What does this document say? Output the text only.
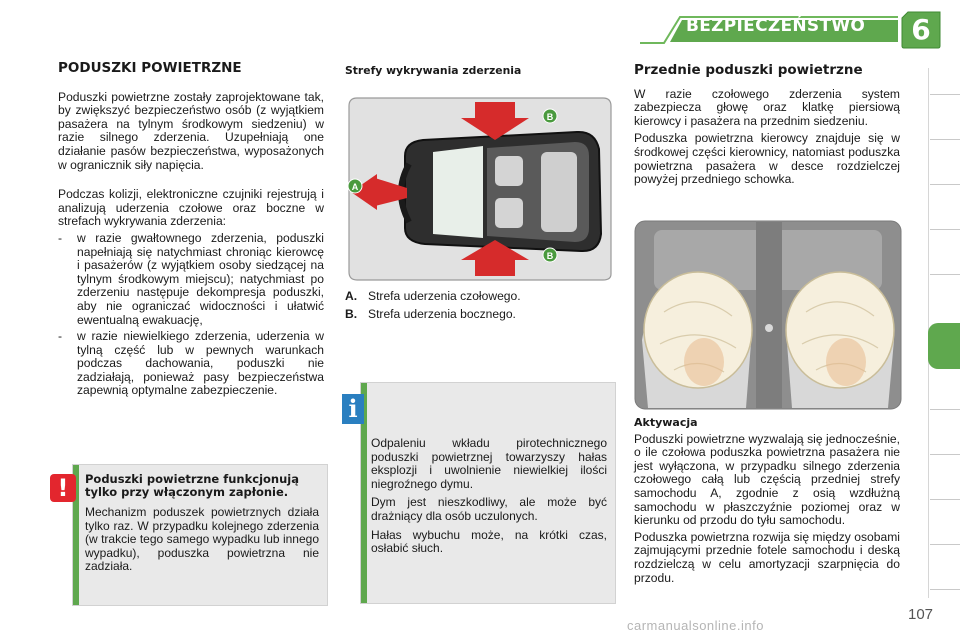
BEZPIECZEŃSTWO	6
PODUSZKI POWIETRZNE

Poduszki powietrzne zostały zaprojektowane tak, by zwiększyć bezpieczeństwo osób (z wyjątkiem pasażera na tylnym środkowym siedzeniu) w razie silnego zderzenia. Uzupełniają one działanie pasów bezpieczeństwa, wyposażonych w ogranicznik siły napięcia.

Podczas kolizji, elektroniczne czujniki rejestrują i analizują uderzenia czołowe oraz boczne w strefach wykrywania zderzenia:

-	w razie gwałtownego zderzenia, poduszki napełniają się natychmiast chroniąc kierowcę i pasażerów (z wyjątkiem osoby siedzącej na tylnym środkowym miejscu); natychmiast po zderzeniu następuje dekompresja poduszki, aby nie ograniczać widoczności i ułatwić ewentualną ewakuację,
-	w razie niewielkiego zderzenia, uderzenia w tylną część lub w pewnych warunkach podczas dachowania, poduszki nie zadziałają, ponieważ pasy bezpieczeństwa zapewnią optymalne zabezpieczenie.
Poduszki powietrzne funkcjonują tylko przy włączonym zapłonie.

Mechanizm poduszek powietrznych działa tylko raz. W przypadku kolejnego zderzenia (w trakcie tego samego wypadku lub innego wypadku), poduszka powietrzna nie zadziała.

!
Strefy wykrywania zderzenia
A
B
B
A. Strefa uderzenia czołowego.
B. Strefa uderzenia bocznego.

Odpaleniu wkładu pirotechnicznego poduszki powietrznej towarzyszy hałas eksplozji i uwolnienie niewielkiej ilości niegroźnego dymu.

Dym jest nieszkodliwy, ale może być drażniący dla osób uczulonych.

Hałas wybuchu może, na krótki czas, osłabić słuch.

i
Przednie poduszki powietrzne

W razie czołowego zderzenia system zabezpiecza głowę oraz klatkę piersiową kierowcy i pasażera na przednim siedzeniu.

Poduszka powietrzna kierowcy znajduje się w środkowej części kierownicy, natomiast poduszka powietrzna pasażera w desce rozdzielczej powyżej przedniego schowka.

Aktywacja

Poduszki powietrzne wyzwalają się jednocześnie, o ile czołowa poduszka powietrzna pasażera nie jest wyłączona, w przypadku silnego zderzenia czołowego całą lub częścią przedniej strefy samochodu A, zgodnie z osią wzdłużną samochodu w płaszczyźnie poziomej oraz w kierunku od przodu do tyłu samochodu.

Poduszka powietrzna rozwija się między osobami zajmującymi przednie fotele samochodu i deską rozdzielczą w celu amortyzacji szarpnięcia do przodu.

107
carmanualsonline.info
